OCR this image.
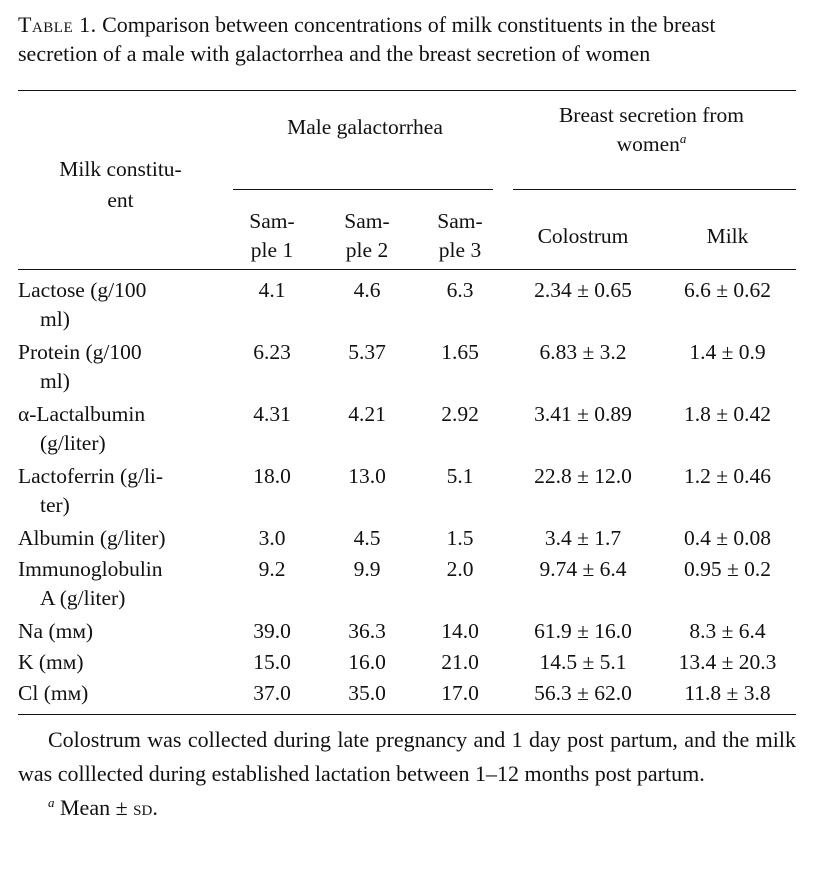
Table 1. Comparison between concentrations of milk constituents in the breast secretion of a male with galactorrhea and the breast secretion of women

Milk constitu-
ent	Male galactorrhea			Breast secretion from
women$^a$

	Sam-
ple 1	Sam-
ple 2	Sam-
ple 3	Colostrum	Milk

Lactose (g/100
ml)	4.1	4.6	6.3	2.34 ± 0.65	6.6 ± 0.62
Protein (g/100
ml)	6.23	5.37	1.65	6.83 ± 3.2	1.4 ± 0.9
α-Lactalbumin
(g/liter)	4.31	4.21	2.92	3.41 ± 0.89	1.8 ± 0.42
Lactoferrin (g/li-
ter)	18.0	13.0	5.1	22.8 ± 12.0	1.2 ± 0.46
Albumin (g/liter)	3.0	4.5	1.5	3.4 ± 1.7	0.4 ± 0.08
Immunoglobulin
A (g/liter)	9.2	9.9	2.0	9.74 ± 6.4	0.95 ± 0.2
Na (mм)	39.0	36.3	14.0	61.9 ± 16.0	8.3 ± 6.4
K (mм)	15.0	16.0	21.0	14.5 ± 5.1	13.4 ± 20.3
Cl (mм)	37.0	35.0	17.0	56.3 ± 62.0	11.8 ± 3.8

Colostrum was collected during late pregnancy and 1 day post partum, and the milk was colllected during established lactation between 1–12 months post partum.

$^a$ Mean ± sd.
